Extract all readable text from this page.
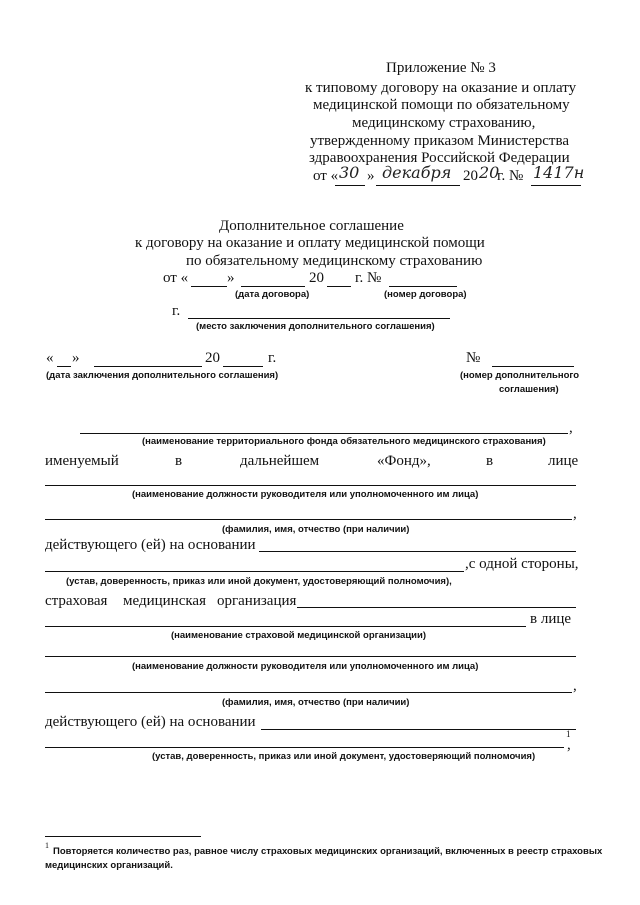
Приложение № 3
к типовому договору на оказание и оплату
медицинской помощи по обязательному
медицинскому страхованию,
утвержденному приказом Министерства
здравоохранения Российской Федерации
от « 30 » декабря 20 20
г. № 1417н
Дополнительное соглашение
к договору на оказание и оплату медицинской помощи
по обязательному медицинскому страхованию
от «	»	20 г. №
(дата договора)	(номер договора)
г.
(место заключения дополнительного соглашения)
« »	20	г.	№
(дата заключения дополнительного соглашения)	(номер дополнительного
соглашения)
,
(наименование территориального фонда обязательного медицинского страхования)
именуемый	в	дальнейшем	«Фонд»,	в	лице
(наименование должности руководителя или уполномоченного им лица)
,
(фамилия, имя, отчество (при наличии)
действующего (ей) на основании
,с одной стороны,
(устав, доверенность, приказ или иной документ, удостоверяющий полномочия),
страховая медицинская организация
в лице
(наименование страховой медицинской организации)
(наименование должности руководителя или уполномоченного им лица)
,
(фамилия, имя, отчество (при наличии)
действующего (ей) на основании
1
,
(устав, доверенность, приказ или иной документ, удостоверяющий полномочия)
1
Повторяется количество раз, равное числу страховых медицинских организаций, включенных в реестр страховых
медицинских организаций.
